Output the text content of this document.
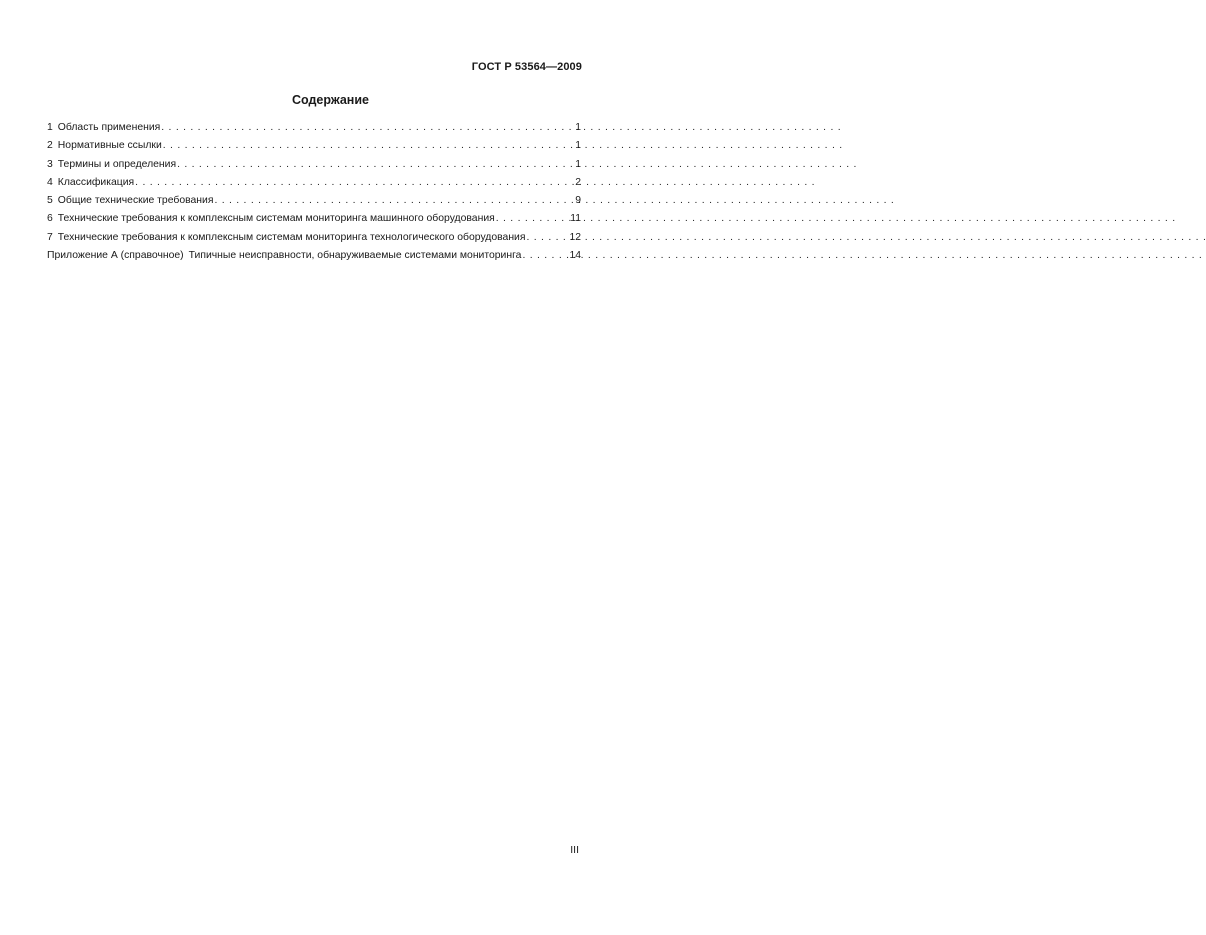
ГОСТ Р 53564—2009
Содержание
1 Область применения . . .	1
2 Нормативные ссылки . . .	1
3 Термины и определения . . .	1
4 Классификация . . .	2
5 Общие технические требования . . .	9
6 Технические требования к комплексным системам мониторинга машинного оборудования . . .	11
7 Технические требования к комплексным системам мониторинга технологического оборудования . . .	12
Приложение А (справочное) Типичные неисправности, обнаруживаемые системами мониторинга . . .	14
III
